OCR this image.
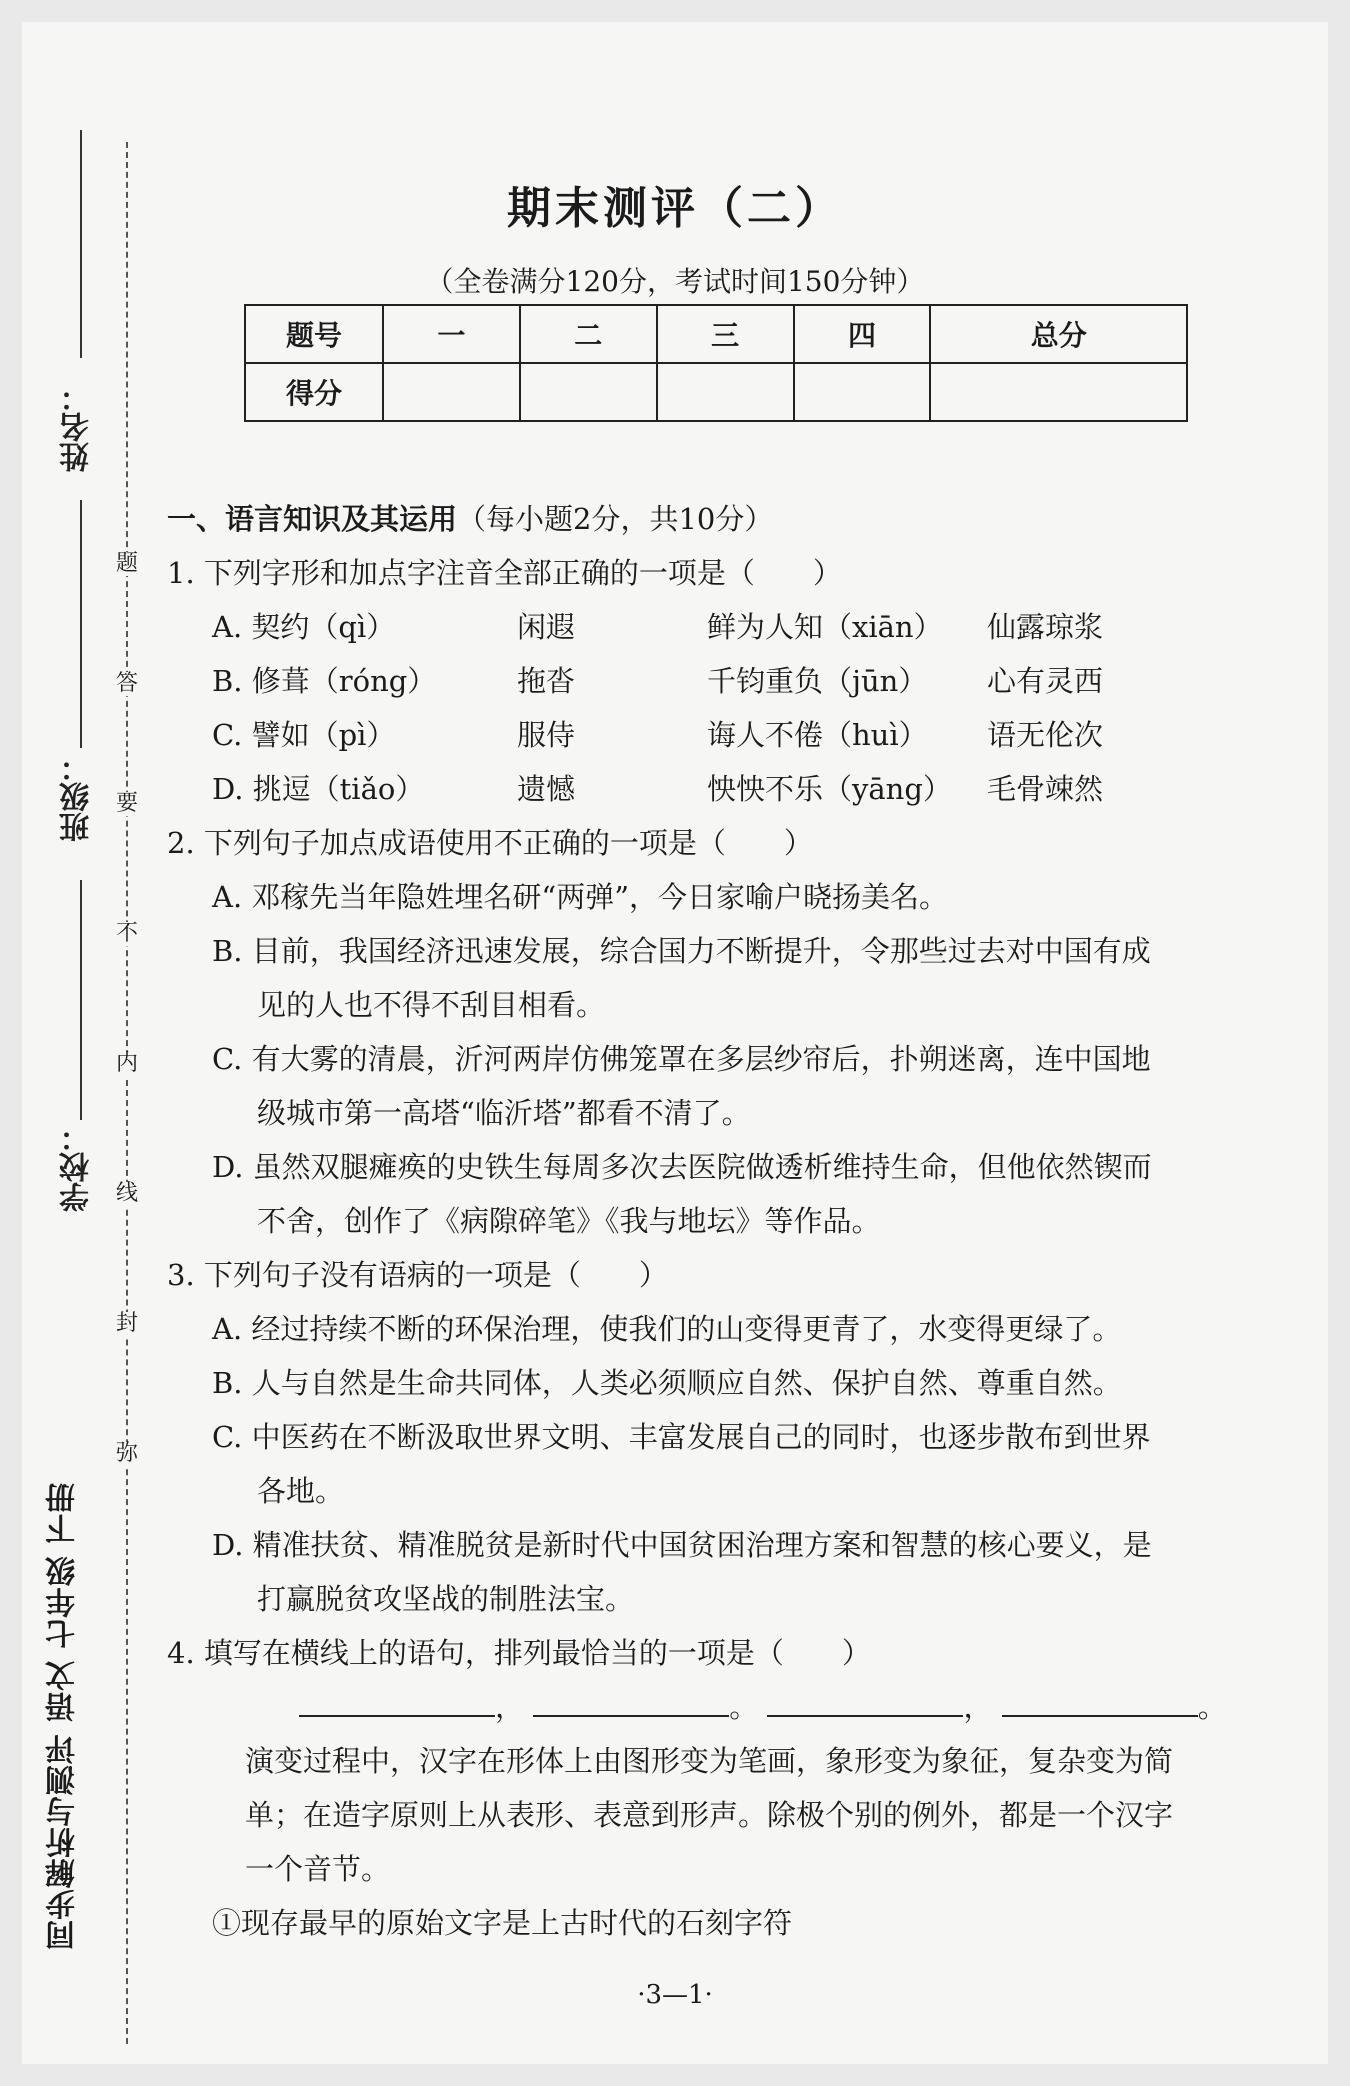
姓名：
班级：
学校：
题
答
要
不
内
线
封
弥
同步解析与测评 语文 七年级 下册
期末测评（二）
（全卷满分120分，考试时间150分钟）
题号	一	二	三	四	总分
得分					
一、语言知识及其运用（每小题2分，共10分）
1. 下列字形和加点字注音全部正确的一项是（　　）
A. 契约（qì）	闲遐	鲜为人知（xiān） 仙露琼浆
B. 修葺（róng）	拖沓	千钧重负（jūn） 心有灵西
C. 譬如（pì）	服侍	诲人不倦（huì） 语无伦次
D. 挑逗（tiǎo）	遗憾	怏怏不乐（yāng） 毛骨竦然
2. 下列句子加点成语使用不正确的一项是（　　）
A. 邓稼先当年隐姓埋名研“两弹”，今日家喻户晓扬美名。
B. 目前，我国经济迅速发展，综合国力不断提升，令那些过去对中国有成
见的人也不得不刮目相看。
C. 有大雾的清晨，沂河两岸仿佛笼罩在多层纱帘后，扑朔迷离，连中国地
级城市第一高塔“临沂塔”都看不清了。
D. 虽然双腿瘫痪的史铁生每周多次去医院做透析维持生命，但他依然锲而
不舍，创作了《病隙碎笔》《我与地坛》等作品。
3. 下列句子没有语病的一项是（　　）
A. 经过持续不断的环保治理，使我们的山变得更青了，水变得更绿了。
B. 人与自然是生命共同体，人类必须顺应自然、保护自然、尊重自然。
C. 中医药在不断汲取世界文明、丰富发展自己的同时，也逐步散布到世界
各地。
D. 精准扶贫、精准脱贫是新时代中国贫困治理方案和智慧的核心要义，是
打赢脱贫攻坚战的制胜法宝。
4. 填写在横线上的语句，排列最恰当的一项是（　　）
，	。	，	。
演变过程中，汉字在形体上由图形变为笔画，象形变为象征，复杂变为简
单；在造字原则上从表形、表意到形声。除极个别的例外，都是一个汉字
一个音节。
①现存最早的原始文字是上古时代的石刻字符
·3—1·
